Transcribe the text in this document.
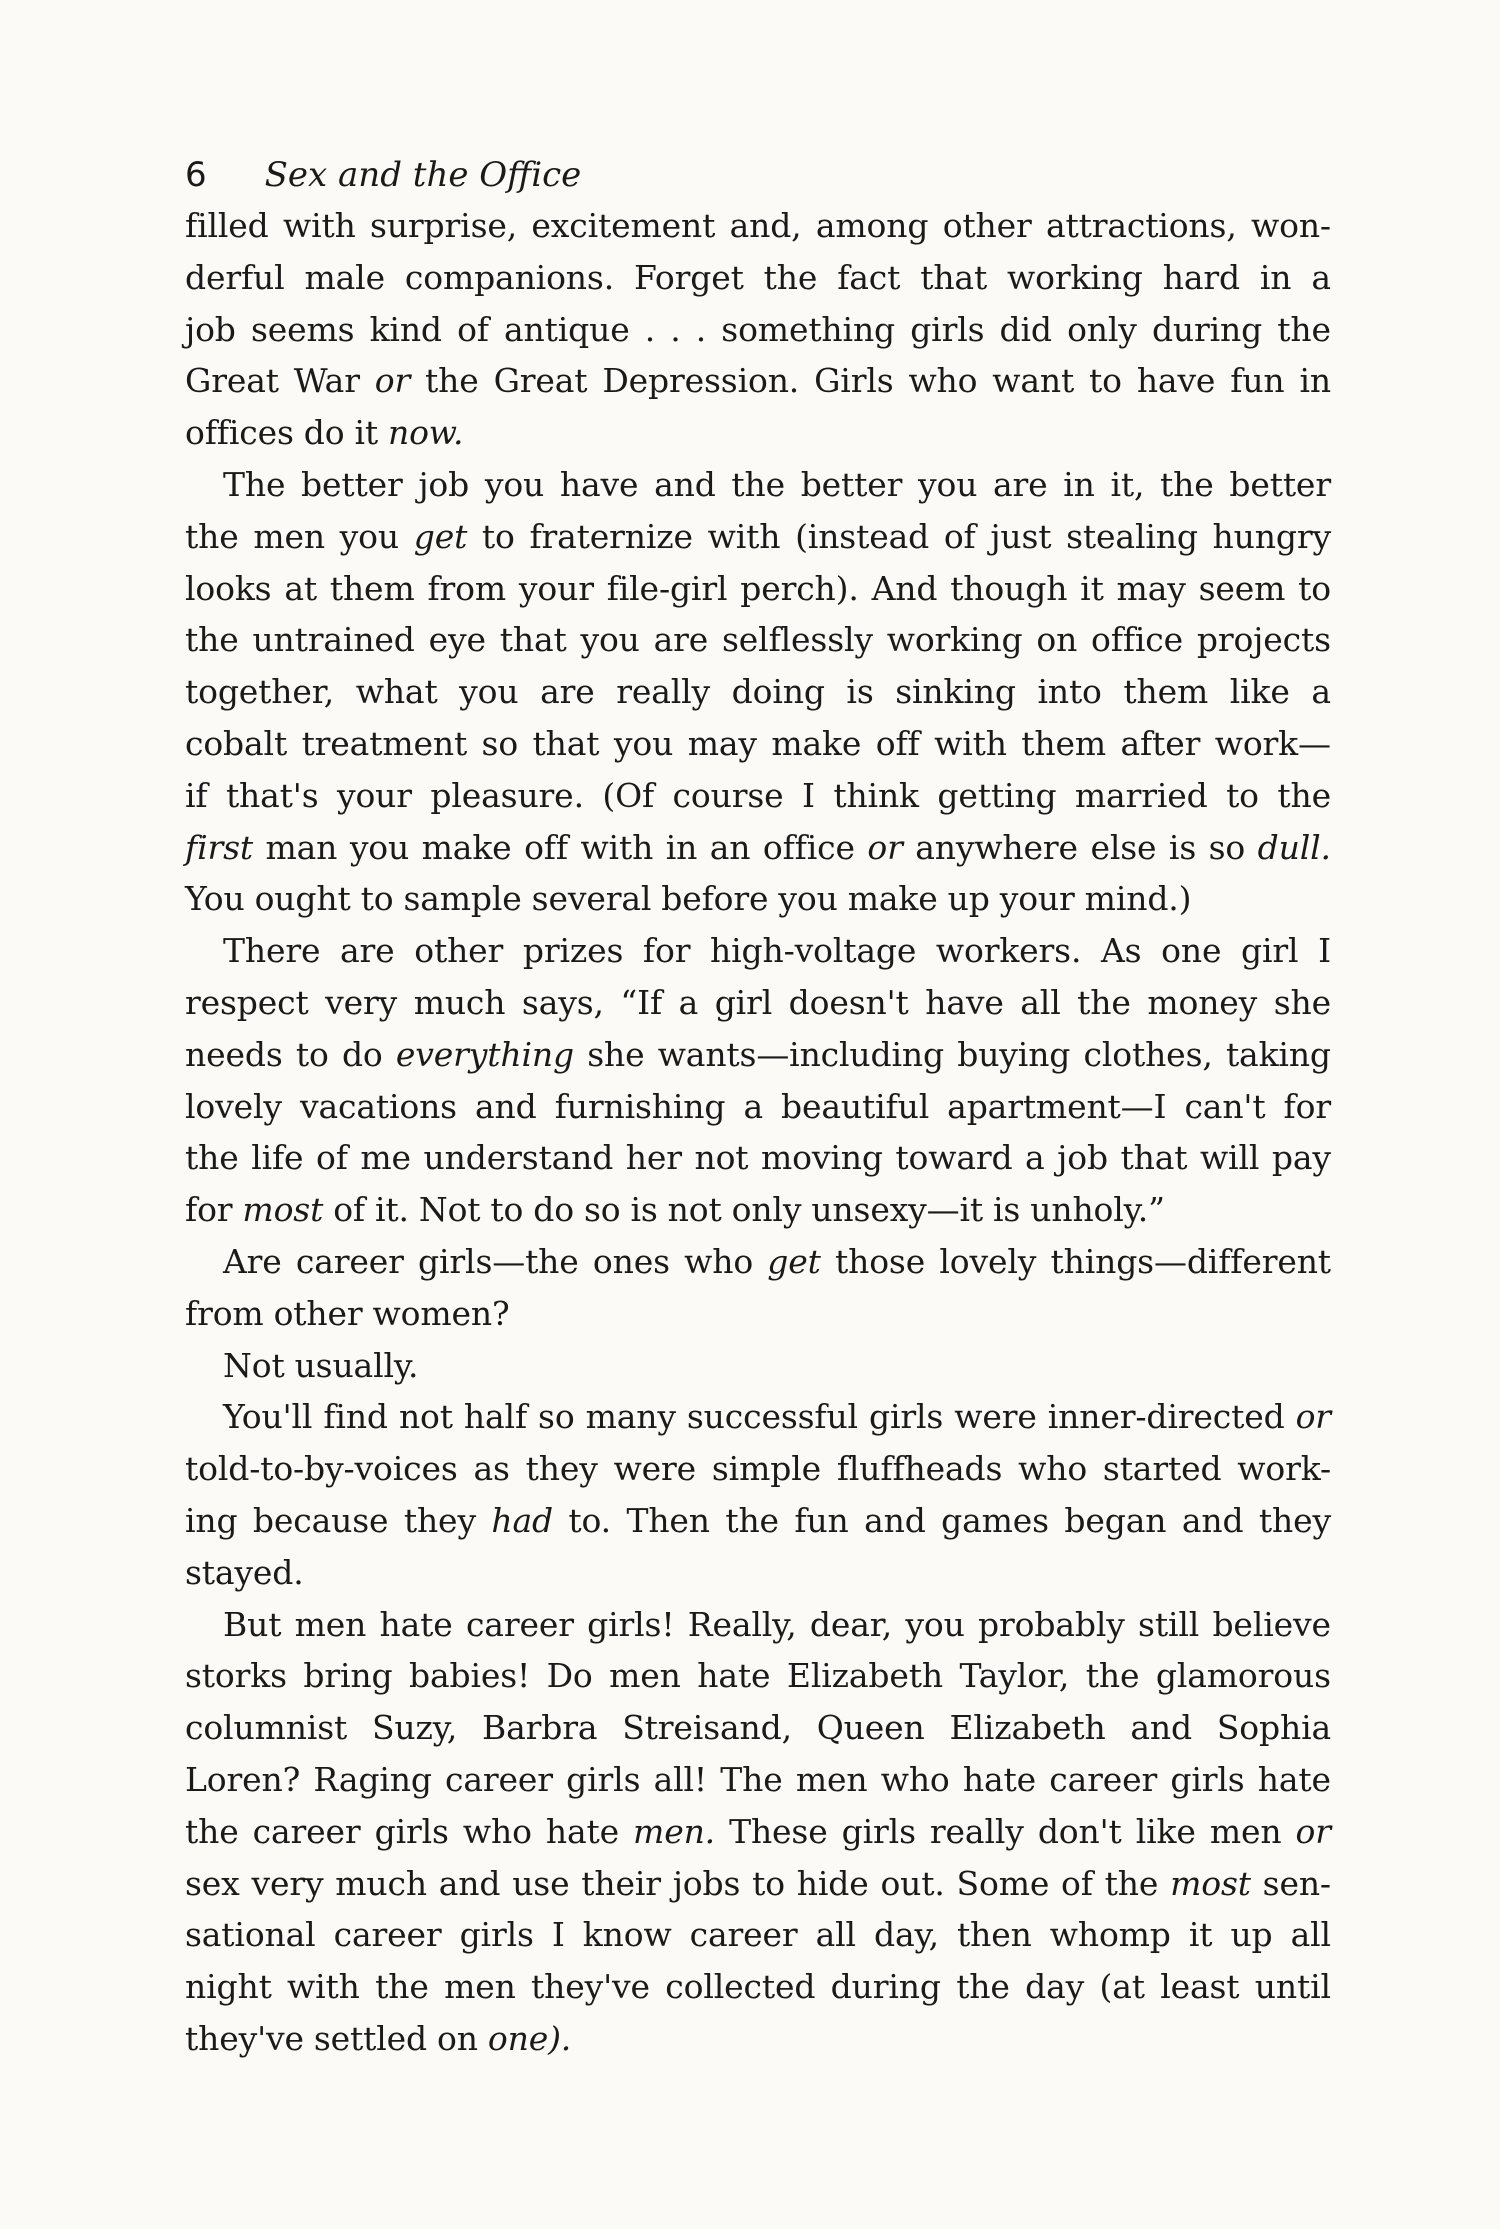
6 Sex and the Office
filled with surprise, excitement and, among other attractions, won-
derful male companions. Forget the fact that working hard in a
job seems kind of antique . . . something girls did only during the
Great War or the Great Depression. Girls who want to have fun in
offices do it now.
The better job you have and the better you are in it, the better
the men you get to fraternize with (instead of just stealing hungry
looks at them from your file-girl perch). And though it may seem to
the untrained eye that you are selflessly working on office projects
together, what you are really doing is sinking into them like a
cobalt treatment so that you may make off with them after work—
if that's your pleasure. (Of course I think getting married to the
first man you make off with in an office or anywhere else is so dull.
You ought to sample several before you make up your mind.)
There are other prizes for high-voltage workers. As one girl I
respect very much says, “If a girl doesn't have all the money she
needs to do everything she wants—including buying clothes, taking
lovely vacations and furnishing a beautiful apartment—I can't for
the life of me understand her not moving toward a job that will pay
for most of it. Not to do so is not only unsexy—it is unholy.”
Are career girls—the ones who get those lovely things—different
from other women?
Not usually.
You'll find not half so many successful girls were inner-directed or
told-to-by-voices as they were simple fluffheads who started work-
ing because they had to. Then the fun and games began and they
stayed.
But men hate career girls! Really, dear, you probably still believe
storks bring babies! Do men hate Elizabeth Taylor, the glamorous
columnist Suzy, Barbra Streisand, Queen Elizabeth and Sophia
Loren? Raging career girls all! The men who hate career girls hate
the career girls who hate men. These girls really don't like men or
sex very much and use their jobs to hide out. Some of the most sen-
sational career girls I know career all day, then whomp it up all
night with the men they've collected during the day (at least until
they've settled on one).
